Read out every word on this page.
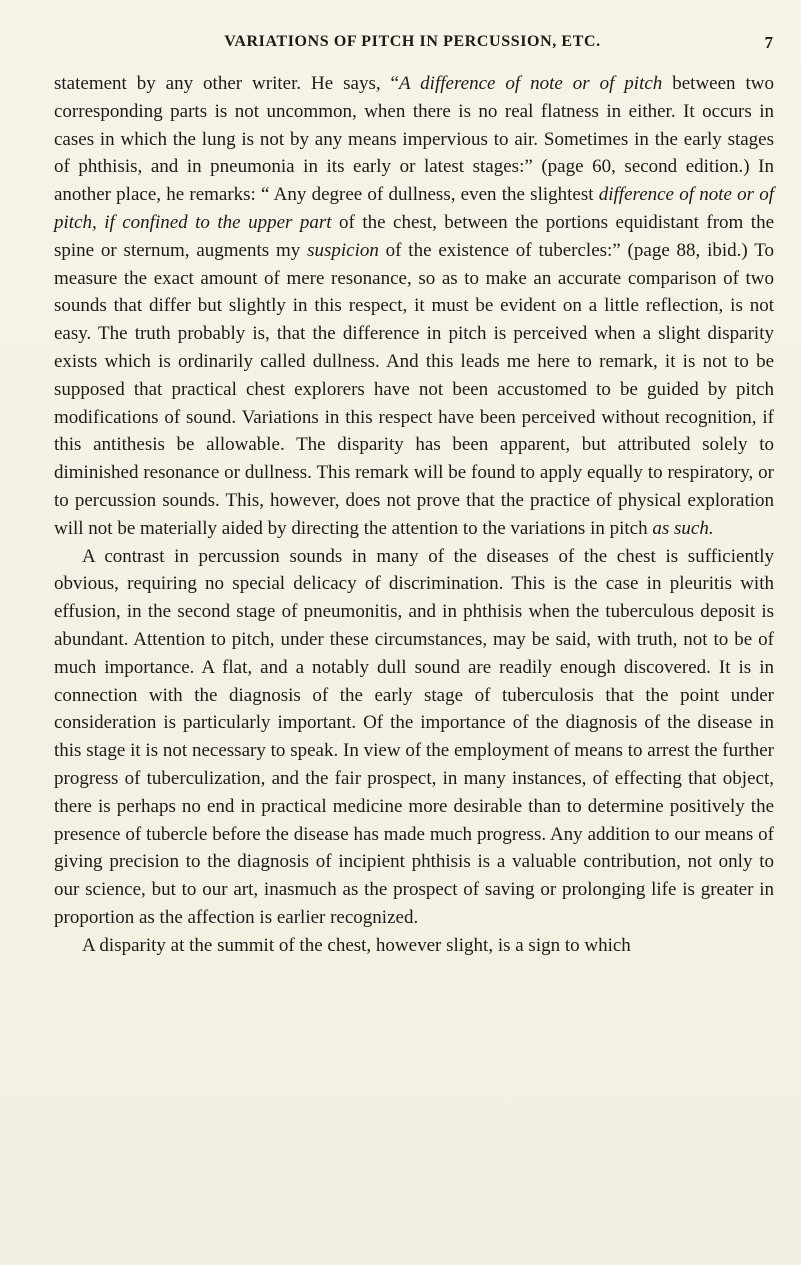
VARIATIONS OF PITCH IN PERCUSSION, ETC.	7

statement by any other writer. He says, “A difference of note or of pitch between two corresponding parts is not uncommon, when there is no real flatness in either. It occurs in cases in which the lung is not by any means impervious to air. Sometimes in the early stages of phthisis, and in pneumonia in its early or latest stages:” (page 60, second edition.) In another place, he remarks: “ Any degree of dullness, even the slightest difference of note or of pitch, if confined to the upper part of the chest, between the portions equidistant from the spine or sternum, augments my suspicion of the existence of tubercles:” (page 88, ibid.) To measure the exact amount of mere resonance, so as to make an accurate comparison of two sounds that differ but slightly in this respect, it must be evident on a little reflection, is not easy. The truth probably is, that the difference in pitch is perceived when a slight disparity exists which is ordinarily called dullness. And this leads me here to remark, it is not to be supposed that practical chest explorers have not been accustomed to be guided by pitch modifications of sound. Variations in this respect have been perceived without recognition, if this antithesis be allowable. The disparity has been apparent, but attributed solely to diminished resonance or dullness. This remark will be found to apply equally to respiratory, or to percussion sounds. This, however, does not prove that the practice of physical exploration will not be materially aided by directing the attention to the variations in pitch as such.

A contrast in percussion sounds in many of the diseases of the chest is sufficiently obvious, requiring no special delicacy of discrimination. This is the case in pleuritis with effusion, in the second stage of pneumonitis, and in phthisis when the tuberculous deposit is abundant. Attention to pitch, under these circumstances, may be said, with truth, not to be of much importance. A flat, and a notably dull sound are readily enough discovered. It is in connection with the diagnosis of the early stage of tuberculosis that the point under consideration is particularly important. Of the importance of the diagnosis of the disease in this stage it is not necessary to speak. In view of the employment of means to arrest the further progress of tuberculization, and the fair prospect, in many instances, of effecting that object, there is perhaps no end in practical medicine more desirable than to determine positively the presence of tubercle before the disease has made much progress. Any addition to our means of giving precision to the diagnosis of incipient phthisis is a valuable contribution, not only to our science, but to our art, inasmuch as the prospect of saving or prolonging life is greater in proportion as the affection is earlier recognized.

A disparity at the summit of the chest, however slight, is a sign to which
